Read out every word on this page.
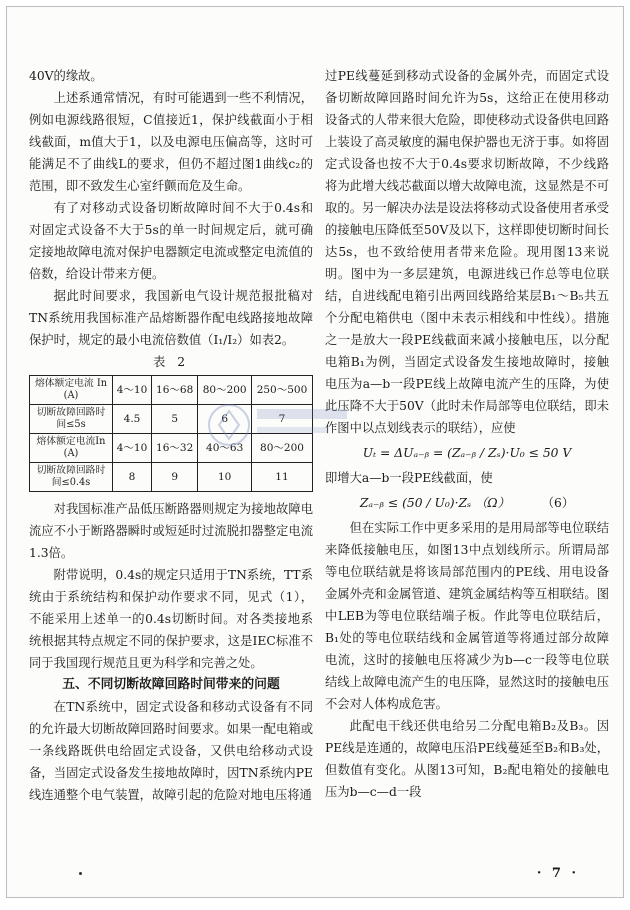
40V的缘故。

上述系通常情况，有时可能遇到一些不利情况，例如电源线路很短，C值接近1，保护线截面小于相线截面，m值大于1，以及电源电压偏高等，这时可能满足不了曲线L的要求，但仍不超过图1曲线c₂的范围，即不致发生心室纤颤而危及生命。

有了对移动式设备切断故障时间不大于0.4s和对固定式设备不大于5s的单一时间规定后，就可确定接地故障电流对保护电器额定电流或整定电流值的倍数，给设计带来方便。

据此时间要求，我国新电气设计规范报批稿对TN系统用我国标准产品熔断器作配电线路接地故障保护时，规定的最小电流倍数值（I₁/I₂）如表2。

表 2

熔体额定电流 In (A)	4～10	16～68	80～200	250～500
切断故障回路时间≤5s	4.5	5	6	7
熔体额定电流In (A)	4～10	16～32	40～63	80～200
切断故障回路时间≤0.4s	8	9	10	11

对我国标准产品低压断路器则规定为接地故障电流应不小于断路器瞬时或短延时过流脱扣器整定电流1.3倍。

附带说明，0.4s的规定只适用于TN系统，TT系统由于系统结构和保护动作要求不同，见式（1），不能采用上述单一的0.4s切断时间。对各类接地系统根据其特点规定不同的保护要求，这是IEC标准不同于我国现行规范且更为科学和完善之处。

五、不同切断故障回路时间带来的问题

在TN系统中，固定式设备和移动式设备有不同的允许最大切断故障回路时间要求。如果一配电箱或一条线路既供电给固定式设备，又供电给移动式设备，当固定式设备发生接地故障时，因TN系统内PE线连通整个电气装置，故障引起的危险对地电压将通

过PE线蔓延到移动式设备的金属外壳，而固定式设备切断故障回路时间允许为5s，这给正在使用移动设备式的人带来很大危险，即使移动式设备供电回路上装设了高灵敏度的漏电保护器也无济于事。如将固定式设备也按不大于0.4s要求切断故障，不少线路将为此增大线芯截面以增大故障电流，这显然是不可取的。另一解决办法是设法将移动式设备使用者承受的接触电压降低至50V及以下，这样即使切断时间长达5s，也不致给使用者带来危险。现用图13来说明。图中为一多层建筑，电源进线已作总等电位联结，自进线配电箱引出两回线路给某层B₁～B₅共五个分配电箱供电（图中未表示相线和中性线）。措施之一是放大一段PE线截面来减小接触电压，以分配电箱B₁为例，当固定式设备发生接地故障时，接触电压为a—b一段PE线上故障电流产生的压降，为使此压降不大于50V（此时未作局部等电位联结，即未作图中以点划线表示的联结），应使

Uₜ = ΔUₐ₋ᵦ = (Zₐ₋ᵦ / Zₛ)·U₀ ≤ 50 V

即增大a—b一段PE线截面，使

Zₐ₋ᵦ ≤ (50 / U₀)·Zₛ （Ω）	（6）

但在实际工作中更多采用的是用局部等电位联结来降低接触电压，如图13中点划线所示。所谓局部等电位联结就是将该局部范围内的PE线、用电设备金属外壳和金属管道、建筑金属结构等互相联结。图中LEB为等电位联结端子板。作此等电位联结后，B₁处的等电位联结线和金属管道等将通过部分故障电流，这时的接触电压将减少为b—c一段等电位联结线上故障电流产生的电压降，显然这时的接触电压不会对人体构成危害。

此配电干线还供电给另二分配电箱B₂及B₃。因PE线是连通的，故障电压沿PE线蔓延至B₂和B₃处，但数值有变化。从图13可知，B₂配电箱处的接触电压为b—c—d一段

· 7 ·
